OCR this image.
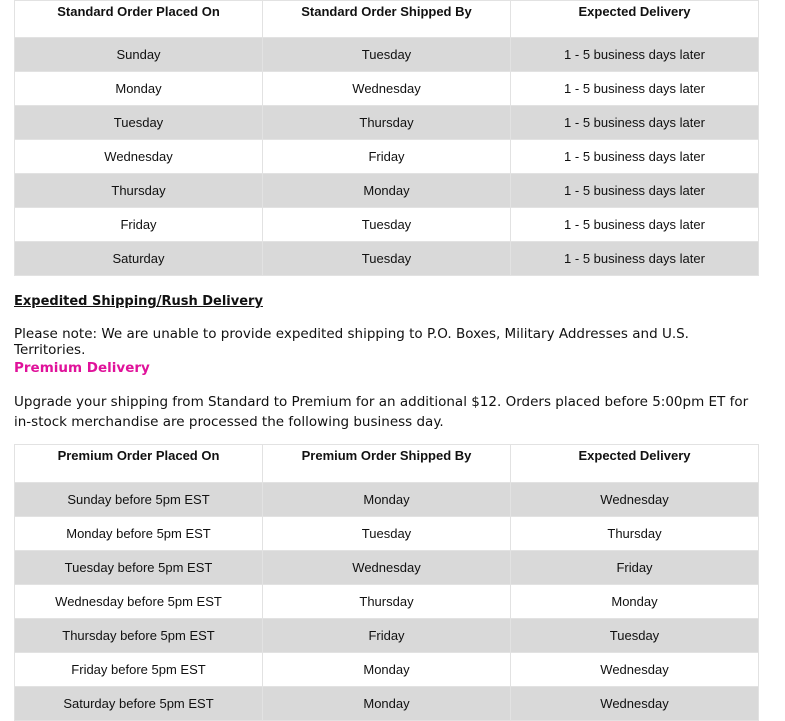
Standard Order Placed On	Standard Order Shipped By	Expected Delivery
Sunday	Tuesday	1 - 5 business days later
Monday	Wednesday	1 - 5 business days later
Tuesday	Thursday	1 - 5 business days later
Wednesday	Friday	1 - 5 business days later
Thursday	Monday	1 - 5 business days later
Friday	Tuesday	1 - 5 business days later
Saturday	Tuesday	1 - 5 business days later

Expedited Shipping/Rush Delivery

Please note: We are unable to provide expedited shipping to P.O. Boxes, Military Addresses and U.S. Territories.

Premium Delivery

Upgrade your shipping from Standard to Premium for an additional $12. Orders placed before 5:00pm ET for in-stock merchandise are processed the following business day.

Premium Order Placed On	Premium Order Shipped By	Expected Delivery
Sunday before 5pm EST	Monday	Wednesday
Monday before 5pm EST	Tuesday	Thursday
Tuesday before 5pm EST	Wednesday	Friday
Wednesday before 5pm EST	Thursday	Monday
Thursday before 5pm EST	Friday	Tuesday
Friday before 5pm EST	Monday	Wednesday
Saturday before 5pm EST	Monday	Wednesday
